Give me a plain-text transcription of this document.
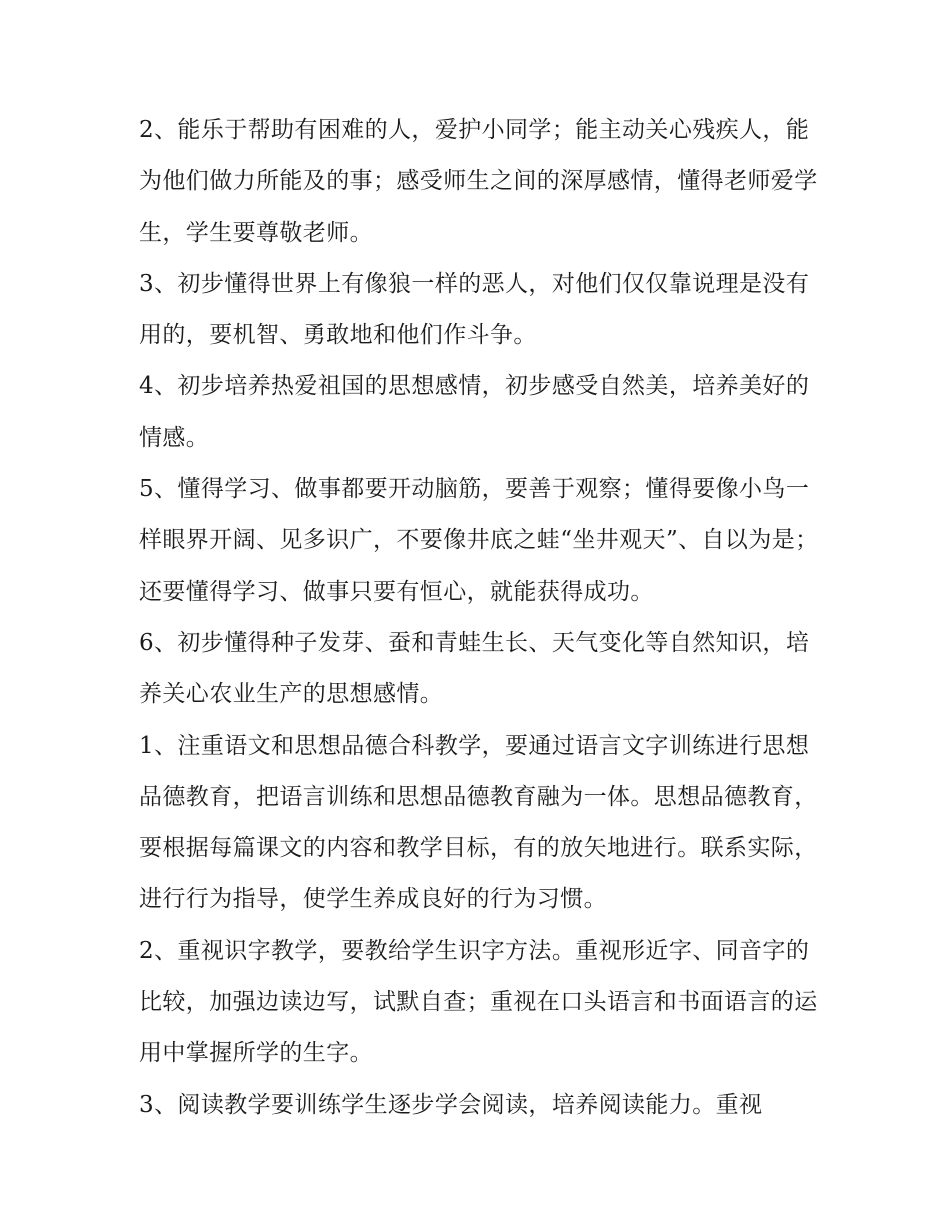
2、能乐于帮助有困难的人，爱护小同学；能主动关心残疾人，能为他们做力所能及的事；感受师生之间的深厚感情，懂得老师爱学生，学生要尊敬老师。

3、初步懂得世界上有像狼一样的恶人，对他们仅仅靠说理是没有用的，要机智、勇敢地和他们作斗争。

4、初步培养热爱祖国的思想感情，初步感受自然美，培养美好的情感。

5、懂得学习、做事都要开动脑筋，要善于观察；懂得要像小鸟一样眼界开阔、见多识广，不要像井底之蛙“坐井观天”、自以为是；还要懂得学习、做事只要有恒心，就能获得成功。

6、初步懂得种子发芽、蚕和青蛙生长、天气变化等自然知识，培养关心农业生产的思想感情。

1、注重语文和思想品德合科教学，要通过语言文字训练进行思想品德教育，把语言训练和思想品德教育融为一体。思想品德教育，要根据每篇课文的内容和教学目标，有的放矢地进行。联系实际，进行行为指导，使学生养成良好的行为习惯。

2、重视识字教学，要教给学生识字方法。重视形近字、同音字的比较，加强边读边写，试默自查；重视在口头语言和书面语言的运用中掌握所学的生字。

3、阅读教学要训练学生逐步学会阅读，培养阅读能力。重视
